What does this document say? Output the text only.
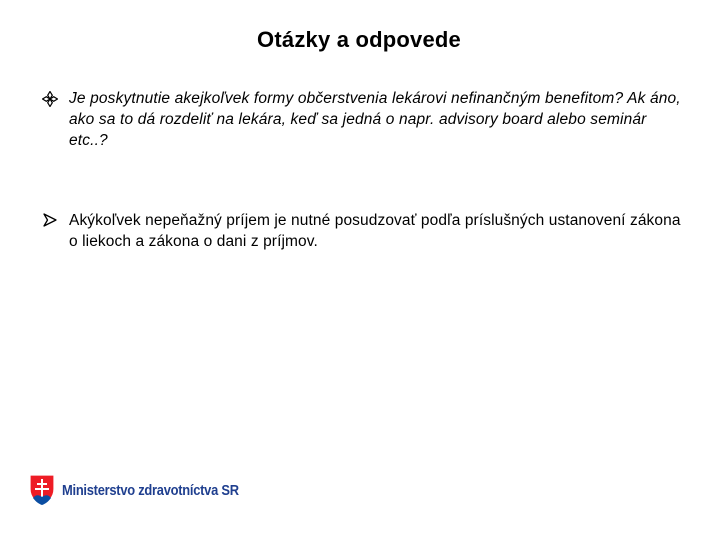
Otázky a odpovede
Je poskytnutie akejkoľvek formy občerstvenia lekárovi nefinančným benefitom? Ak áno, ako sa to dá rozdeliť na lekára, keď sa jedná o napr. advisory board alebo seminár etc..?
Akýkoľvek nepeňažný príjem je nutné posudzovať podľa príslušných ustanovení zákona o liekoch a zákona o dani z príjmov.
Ministerstvo zdravotníctva SR
